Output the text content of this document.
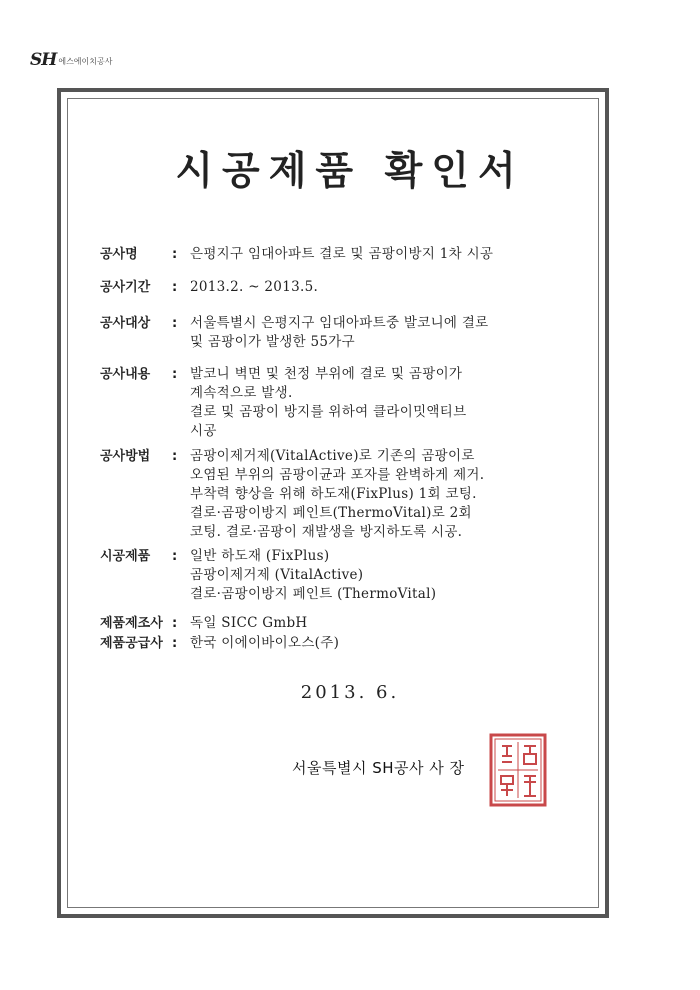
SH 에스에이치공사
시공제품 확인서
공사명	: 은평지구 임대아파트 결로 및 곰팡이방지 1차 시공
공사기간 : 2013.2. ~ 2013.5.
공사대상 : 서울특별시 은평지구 임대아파트중 발코니에 결로
및 곰팡이가 발생한 55가구
공사내용 : 발코니 벽면 및 천정 부위에 결로 및 곰팡이가
계속적으로 발생.
결로 및 곰팡이 방지를 위하여 클라이밋액티브
시공
공사방법 : 곰팡이제거제(VitalActive)로 기존의 곰팡이로
오염된 부위의 곰팡이균과 포자를 완벽하게 제거.
부착력 향상을 위해 하도재(FixPlus) 1회 코팅.
결로·곰팡이방지 페인트(ThermoVital)로 2회
코팅. 결로·곰팡이 재발생을 방지하도록 시공.
시공제품 : 일반 하도재 (FixPlus)
곰팡이제거제 (VitalActive)
결로·곰팡이방지 페인트 (ThermoVital)
제품제조사 : 독일 SICC GmbH
제품공급사 : 한국 이에이바이오스(주)
2013. 6.
서울특별시 SH공사 사 장
